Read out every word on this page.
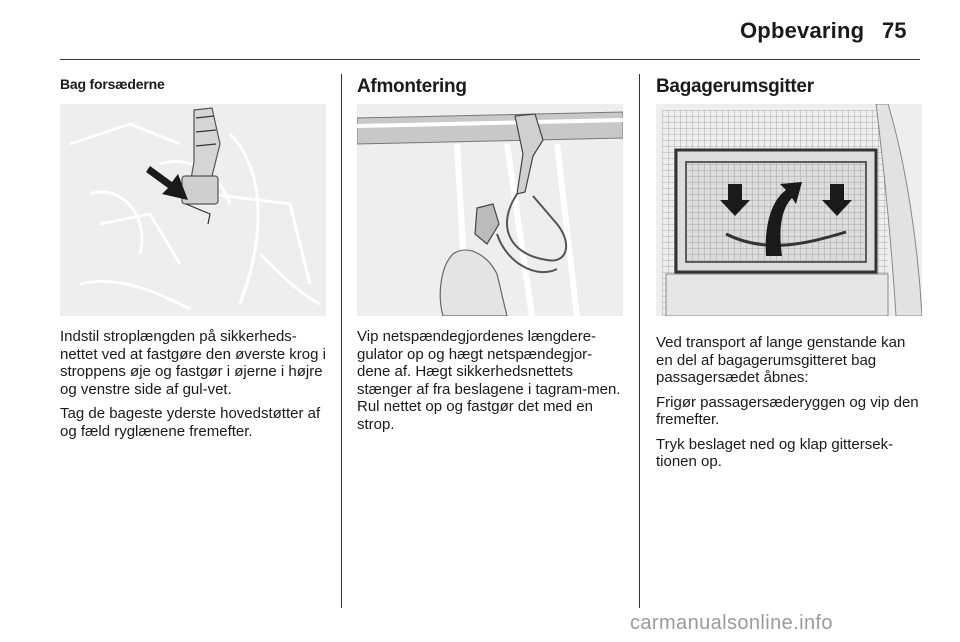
Opbevaring 75
Bag forsæderne

Indstil stroplængden på sikkerheds-nettet ved at fastgøre den øverste krog i stroppens øje og fastgør i øjerne i højre og venstre side af gul-vet.

Tag de bageste yderste hovedstøtter af og fæld ryglænene fremefter.

Afmontering

Vip netspændegjordenes længdere-gulator op og hægt netspændegjor-dene af. Hægt sikkerhedsnettets stænger af fra beslagene i tagram-men. Rul nettet op og fastgør det med en strop.

Bagagerumsgitter

Ved transport af lange genstande kan en del af bagagerumsgitteret bag passagersædet åbnes:

Frigør passagersæderyggen og vip den fremefter.

Tryk beslaget ned og klap gittersek-tionen op.

carmanualsonline.info
